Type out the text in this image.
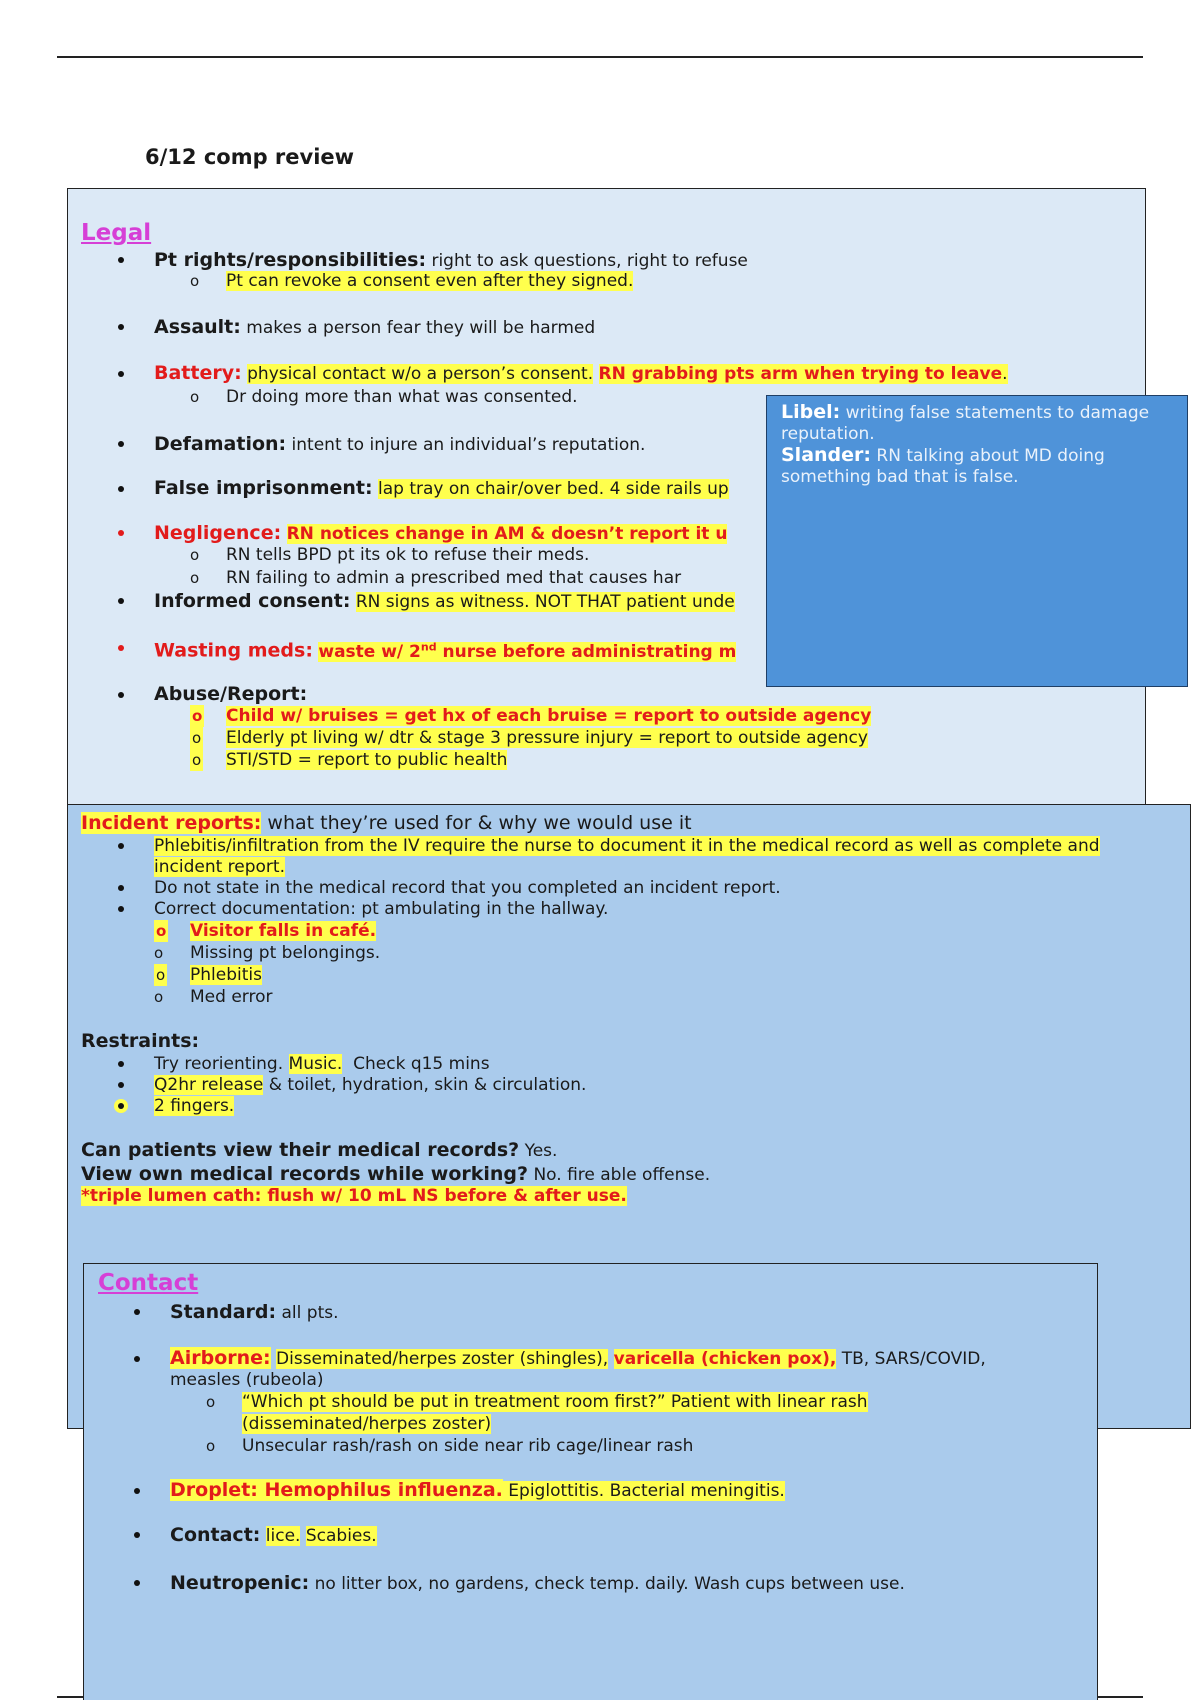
6/12 comp review
Legal
Pt rights/responsibilities: right to ask questions, right to refuse
o Pt can revoke a consent even after they signed.
Assault: makes a person fear they will be harmed
Battery: physical contact w/o a person’s consent. RN grabbing pts arm when trying to leave.
o Dr doing more than what was consented.
Defamation: intent to injure an individual’s reputation.
False imprisonment: lap tray on chair/over bed. 4 side rails up
Negligence: RN notices change in AM & doesn’t report it u
o RN tells BPD pt its ok to refuse their meds.
o RN failing to admin a prescribed med that causes har
Informed consent: RN signs as witness. NOT THAT patient unde
Wasting meds: waste w/ 2nd nurse before administrating m
Abuse/Report:
o Child w/ bruises = get hx of each bruise = report to outside agency
o Elderly pt living w/ dtr & stage 3 pressure injury = report to outside agency
o STI/STD = report to public health
Libel: writing false statements to damage reputation.
Slander: RN talking about MD doing something bad that is false.
Incident reports: what they’re used for & why we would use it
Phlebitis/infiltration from the IV require the nurse to document it in the medical record as well as complete and
incident report.
Do not state in the medical record that you completed an incident report.
Correct documentation: pt ambulating in the hallway.
o Visitor falls in café.
o Missing pt belongings.
o Phlebitis
o Med error
Restraints:
Try reorienting. Music.  Check q15 mins
Q2hr release & toilet, hydration, skin & circulation.
2 fingers.
Can patients view their medical records? Yes.
View own medical records while working? No. fire able offense.
*triple lumen cath: flush w/ 10 mL NS before & after use.
Contact
Standard: all pts.
Airborne: Disseminated/herpes zoster (shingles), varicella (chicken pox), TB, SARS/COVID,
measles (rubeola)
o “Which pt should be put in treatment room first?” Patient with linear rash
(disseminated/herpes zoster)
o Unsecular rash/rash on side near rib cage/linear rash
Droplet: Hemophilus influenza. Epiglottitis. Bacterial meningitis.
Contact: lice. Scabies.
Neutropenic: no litter box, no gardens, check temp. daily. Wash cups between use.
